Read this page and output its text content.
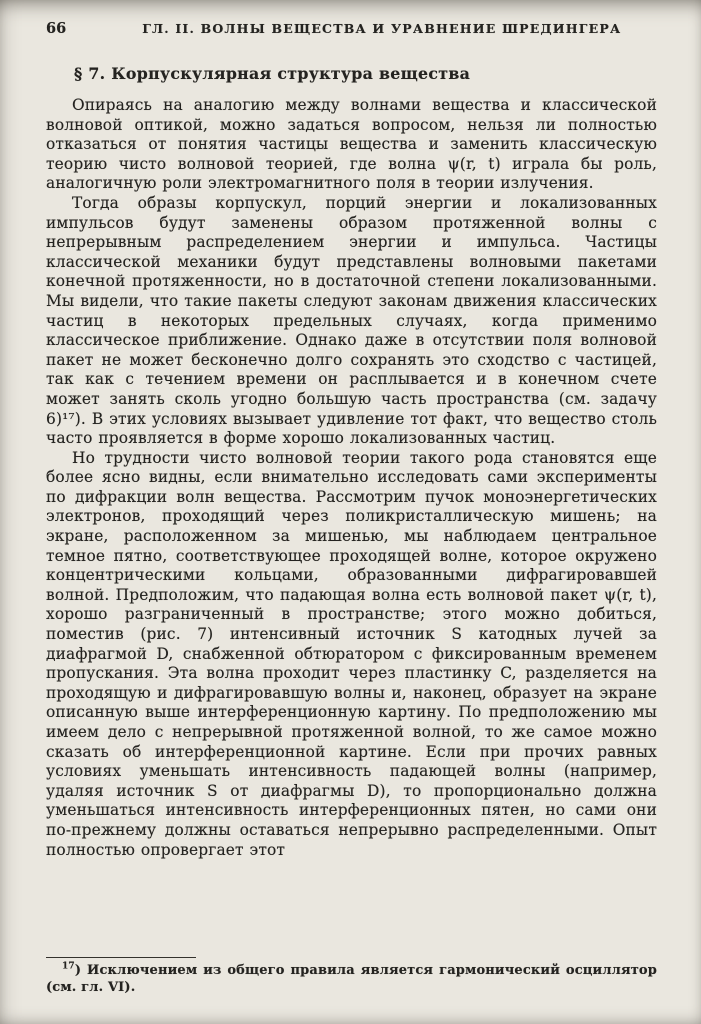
66	ГЛ. II. ВОЛНЫ ВЕЩЕСТВА И УРАВНЕНИЕ ШРЕДИНГЕРА
§ 7. Корпускулярная структура вещества

Опираясь на аналогию между волнами вещества и классической волновой оптикой, можно задаться вопросом, нельзя ли полностью отказаться от понятия частицы вещества и заменить классическую теорию чисто волновой теорией, где волна ψ(r, t) играла бы роль, аналогичную роли электромагнитного поля в теории излучения.

Тогда образы корпускул, порций энергии и локализованных импульсов будут заменены образом протяженной волны с непрерывным распределением энергии и импульса. Частицы классической механики будут представлены волновыми пакетами конечной протяженности, но в достаточной степени локализованными. Мы видели, что такие пакеты следуют законам движения классических частиц в некоторых предельных случаях, когда применимо классическое приближение. Однако даже в отсутствии поля волновой пакет не может бесконечно долго сохранять это сходство с частицей, так как с течением времени он расплывается и в конечном счете может занять сколь угодно большую часть пространства (см. задачу 6)¹⁷). В этих условиях вызывает удивление тот факт, что вещество столь часто проявляется в форме хорошо локализованных частиц.

Но трудности чисто волновой теории такого рода становятся еще более ясно видны, если внимательно исследовать сами эксперименты по дифракции волн вещества. Рассмотрим пучок моноэнергетических электронов, проходящий через поликристаллическую мишень; на экране, расположенном за мишенью, мы наблюдаем центральное темное пятно, соответствующее проходящей волне, которое окружено концентрическими кольцами, образованными дифрагировавшей волной. Предположим, что падающая волна есть волновой пакет ψ(r, t), хорошо разграниченный в пространстве; этого можно добиться, поместив (рис. 7) интенсивный источник S катодных лучей за диафрагмой D, снабженной обтюратором с фиксированным временем пропускания. Эта волна проходит через пластинку C, разделяется на проходящую и дифрагировавшую волны и, наконец, образует на экране описанную выше интерференционную картину. По предположению мы имеем дело с непрерывной протяженной волной, то же самое можно сказать об интерференционной картине. Если при прочих равных условиях уменьшать интенсивность падающей волны (например, удаляя источник S от диафрагмы D), то пропорционально должна уменьшаться интенсивность интерференционных пятен, но сами они по-прежнему должны оставаться непрерывно распределенными. Опыт полностью опровергает этот

$^{17}$) Исключением из общего правила является гармонический осциллятор (см. гл. VI).
